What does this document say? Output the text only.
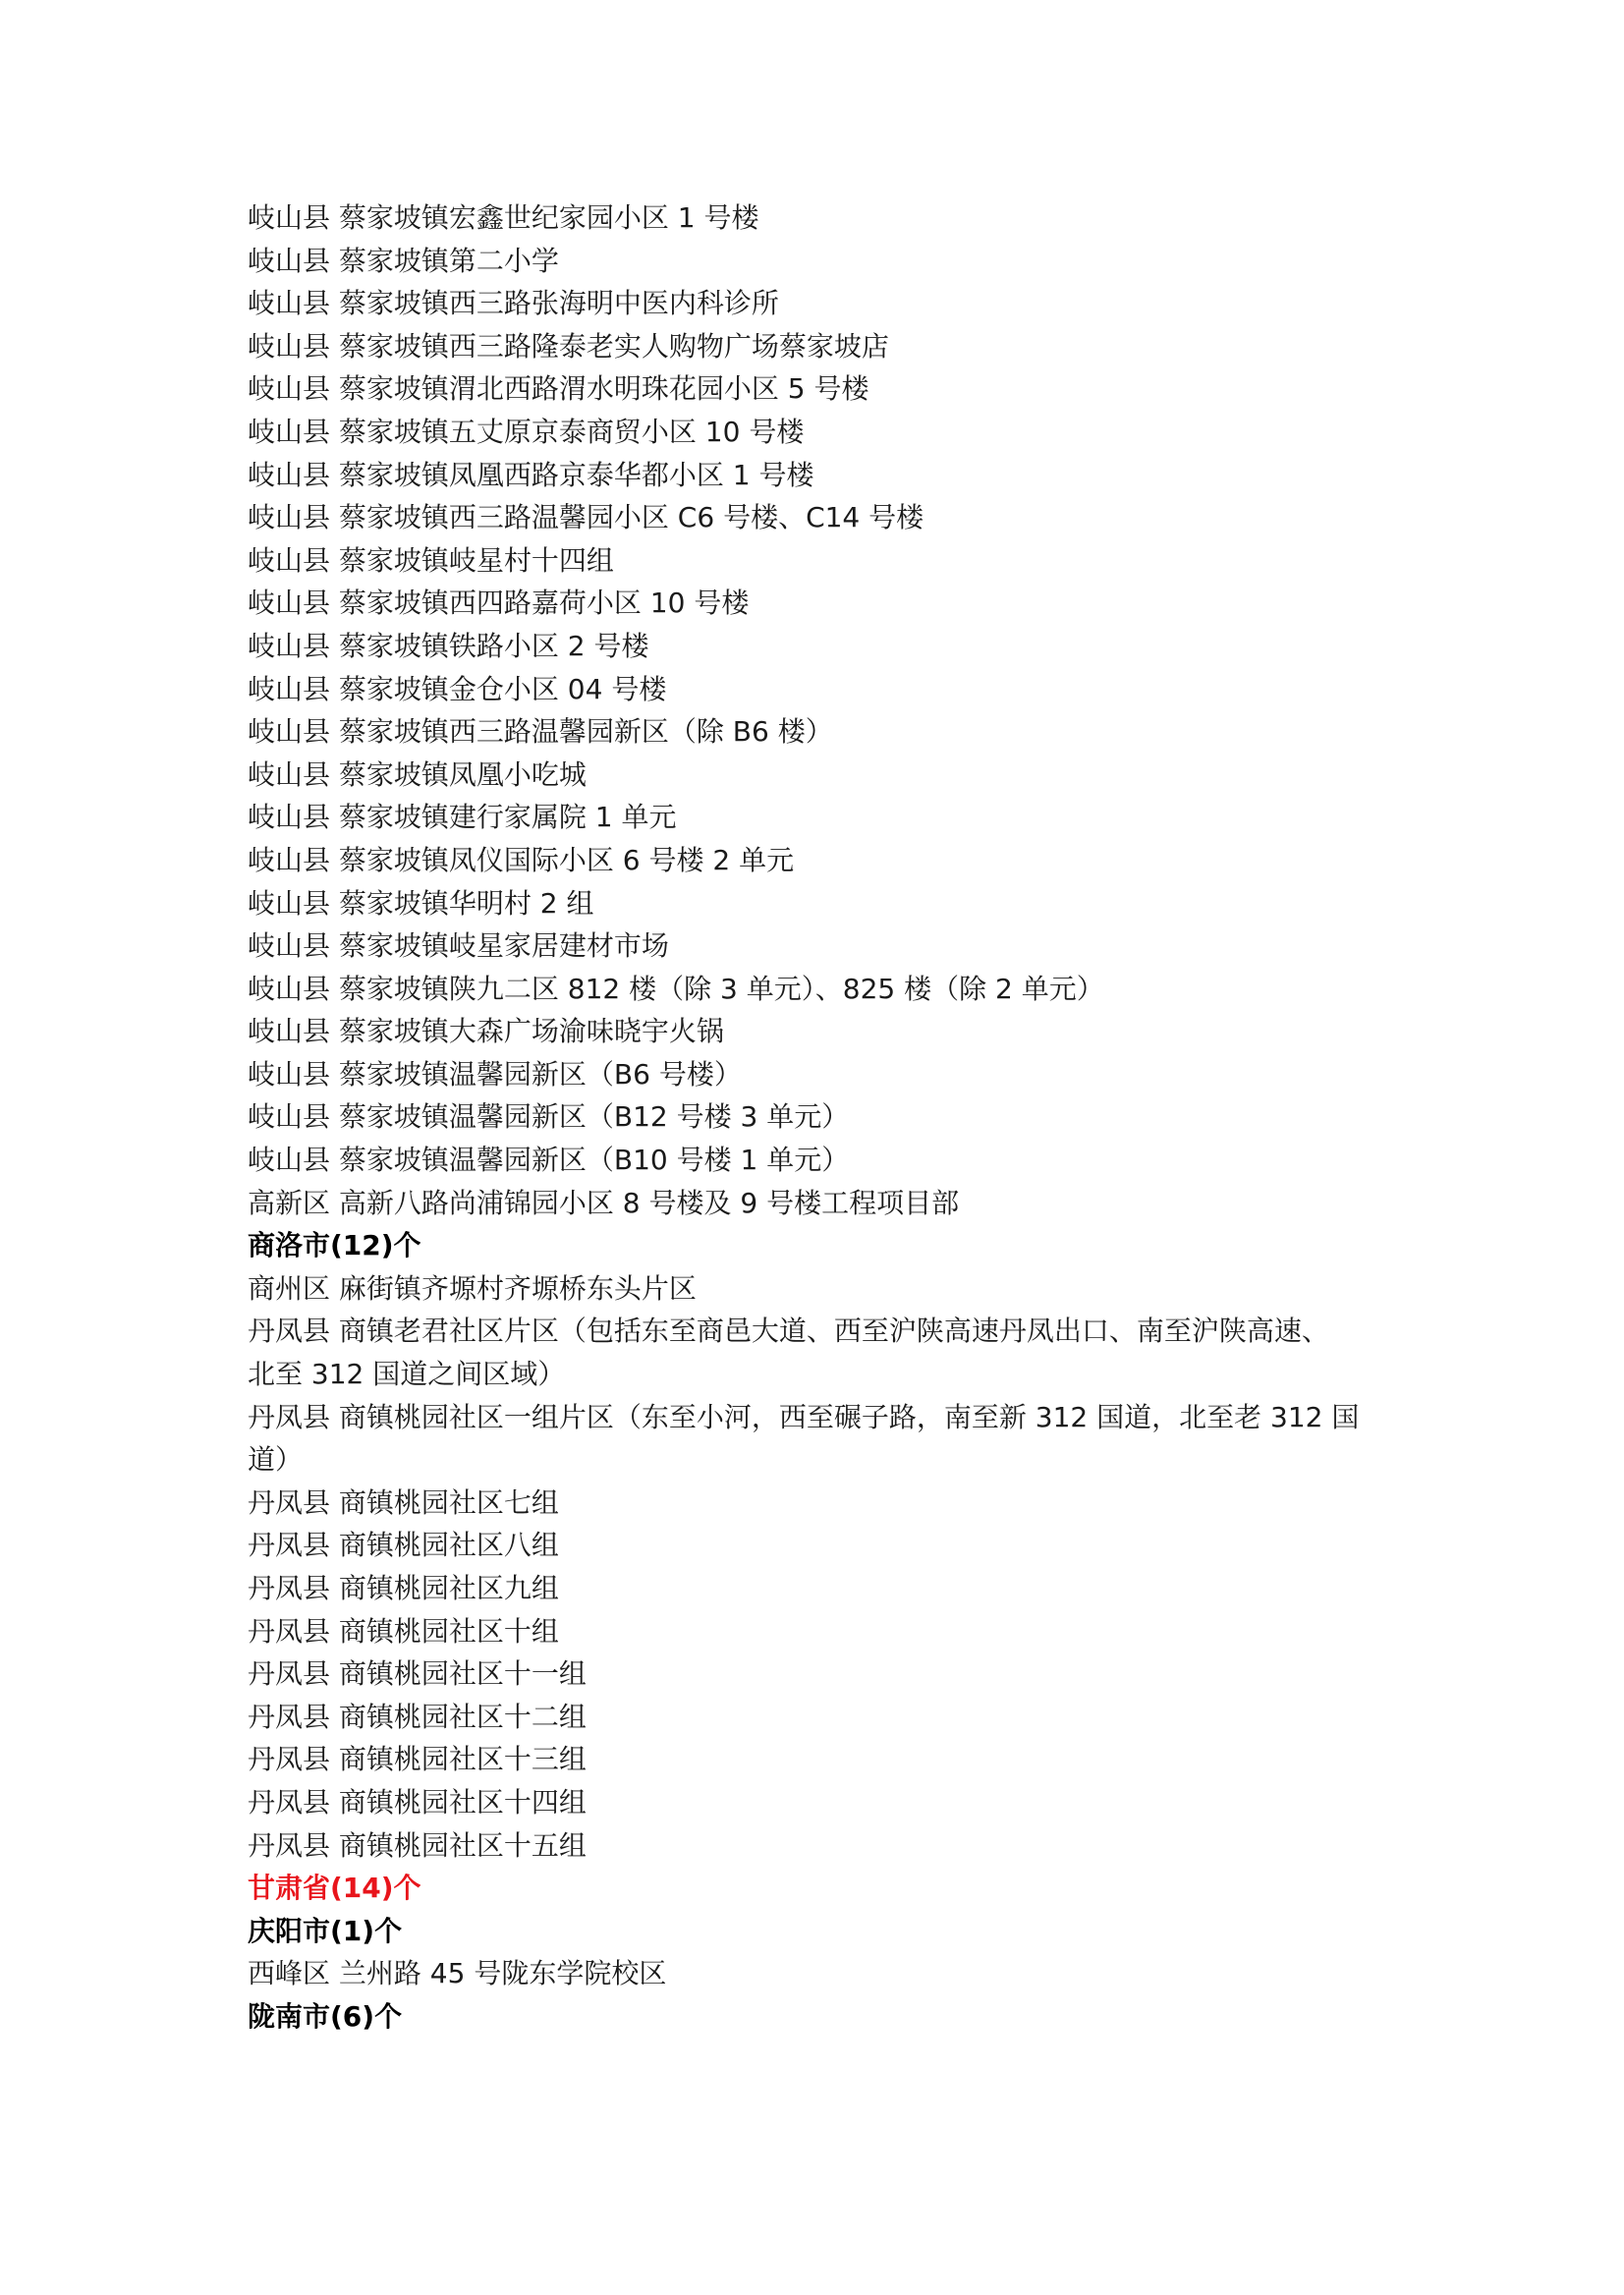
岐山县 蔡家坡镇宏鑫世纪家园小区 1 号楼
岐山县 蔡家坡镇第二小学
岐山县 蔡家坡镇西三路张海明中医内科诊所
岐山县 蔡家坡镇西三路隆泰老实人购物广场蔡家坡店
岐山县 蔡家坡镇渭北西路渭水明珠花园小区 5 号楼
岐山县 蔡家坡镇五丈原京泰商贸小区 10 号楼
岐山县 蔡家坡镇凤凰西路京泰华都小区 1 号楼
岐山县 蔡家坡镇西三路温馨园小区 C6 号楼、C14 号楼
岐山县 蔡家坡镇岐星村十四组
岐山县 蔡家坡镇西四路嘉荷小区 10 号楼
岐山县 蔡家坡镇铁路小区 2 号楼
岐山县 蔡家坡镇金仓小区 04 号楼
岐山县 蔡家坡镇西三路温馨园新区（除 B6 楼）
岐山县 蔡家坡镇凤凰小吃城
岐山县 蔡家坡镇建行家属院 1 单元
岐山县 蔡家坡镇凤仪国际小区 6 号楼 2 单元
岐山县 蔡家坡镇华明村 2 组
岐山县 蔡家坡镇岐星家居建材市场
岐山县 蔡家坡镇陕九二区 812 楼（除 3 单元）、825 楼（除 2 单元）
岐山县 蔡家坡镇大森广场渝味晓宇火锅
岐山县 蔡家坡镇温馨园新区（B6 号楼）
岐山县 蔡家坡镇温馨园新区（B12 号楼 3 单元）
岐山县 蔡家坡镇温馨园新区（B10 号楼 1 单元）
高新区 高新八路尚浦锦园小区 8 号楼及 9 号楼工程项目部
商洛市(12)个
商州区 麻街镇齐塬村齐塬桥东头片区
丹凤县 商镇老君社区片区（包括东至商邑大道、西至沪陕高速丹凤出口、南至沪陕高速、
北至 312 国道之间区域）
丹凤县 商镇桃园社区一组片区（东至小河，西至碾子路，南至新 312 国道，北至老 312 国
道）
丹凤县 商镇桃园社区七组
丹凤县 商镇桃园社区八组
丹凤县 商镇桃园社区九组
丹凤县 商镇桃园社区十组
丹凤县 商镇桃园社区十一组
丹凤县 商镇桃园社区十二组
丹凤县 商镇桃园社区十三组
丹凤县 商镇桃园社区十四组
丹凤县 商镇桃园社区十五组
甘肃省(14)个
庆阳市(1)个
西峰区 兰州路 45 号陇东学院校区
陇南市(6)个
